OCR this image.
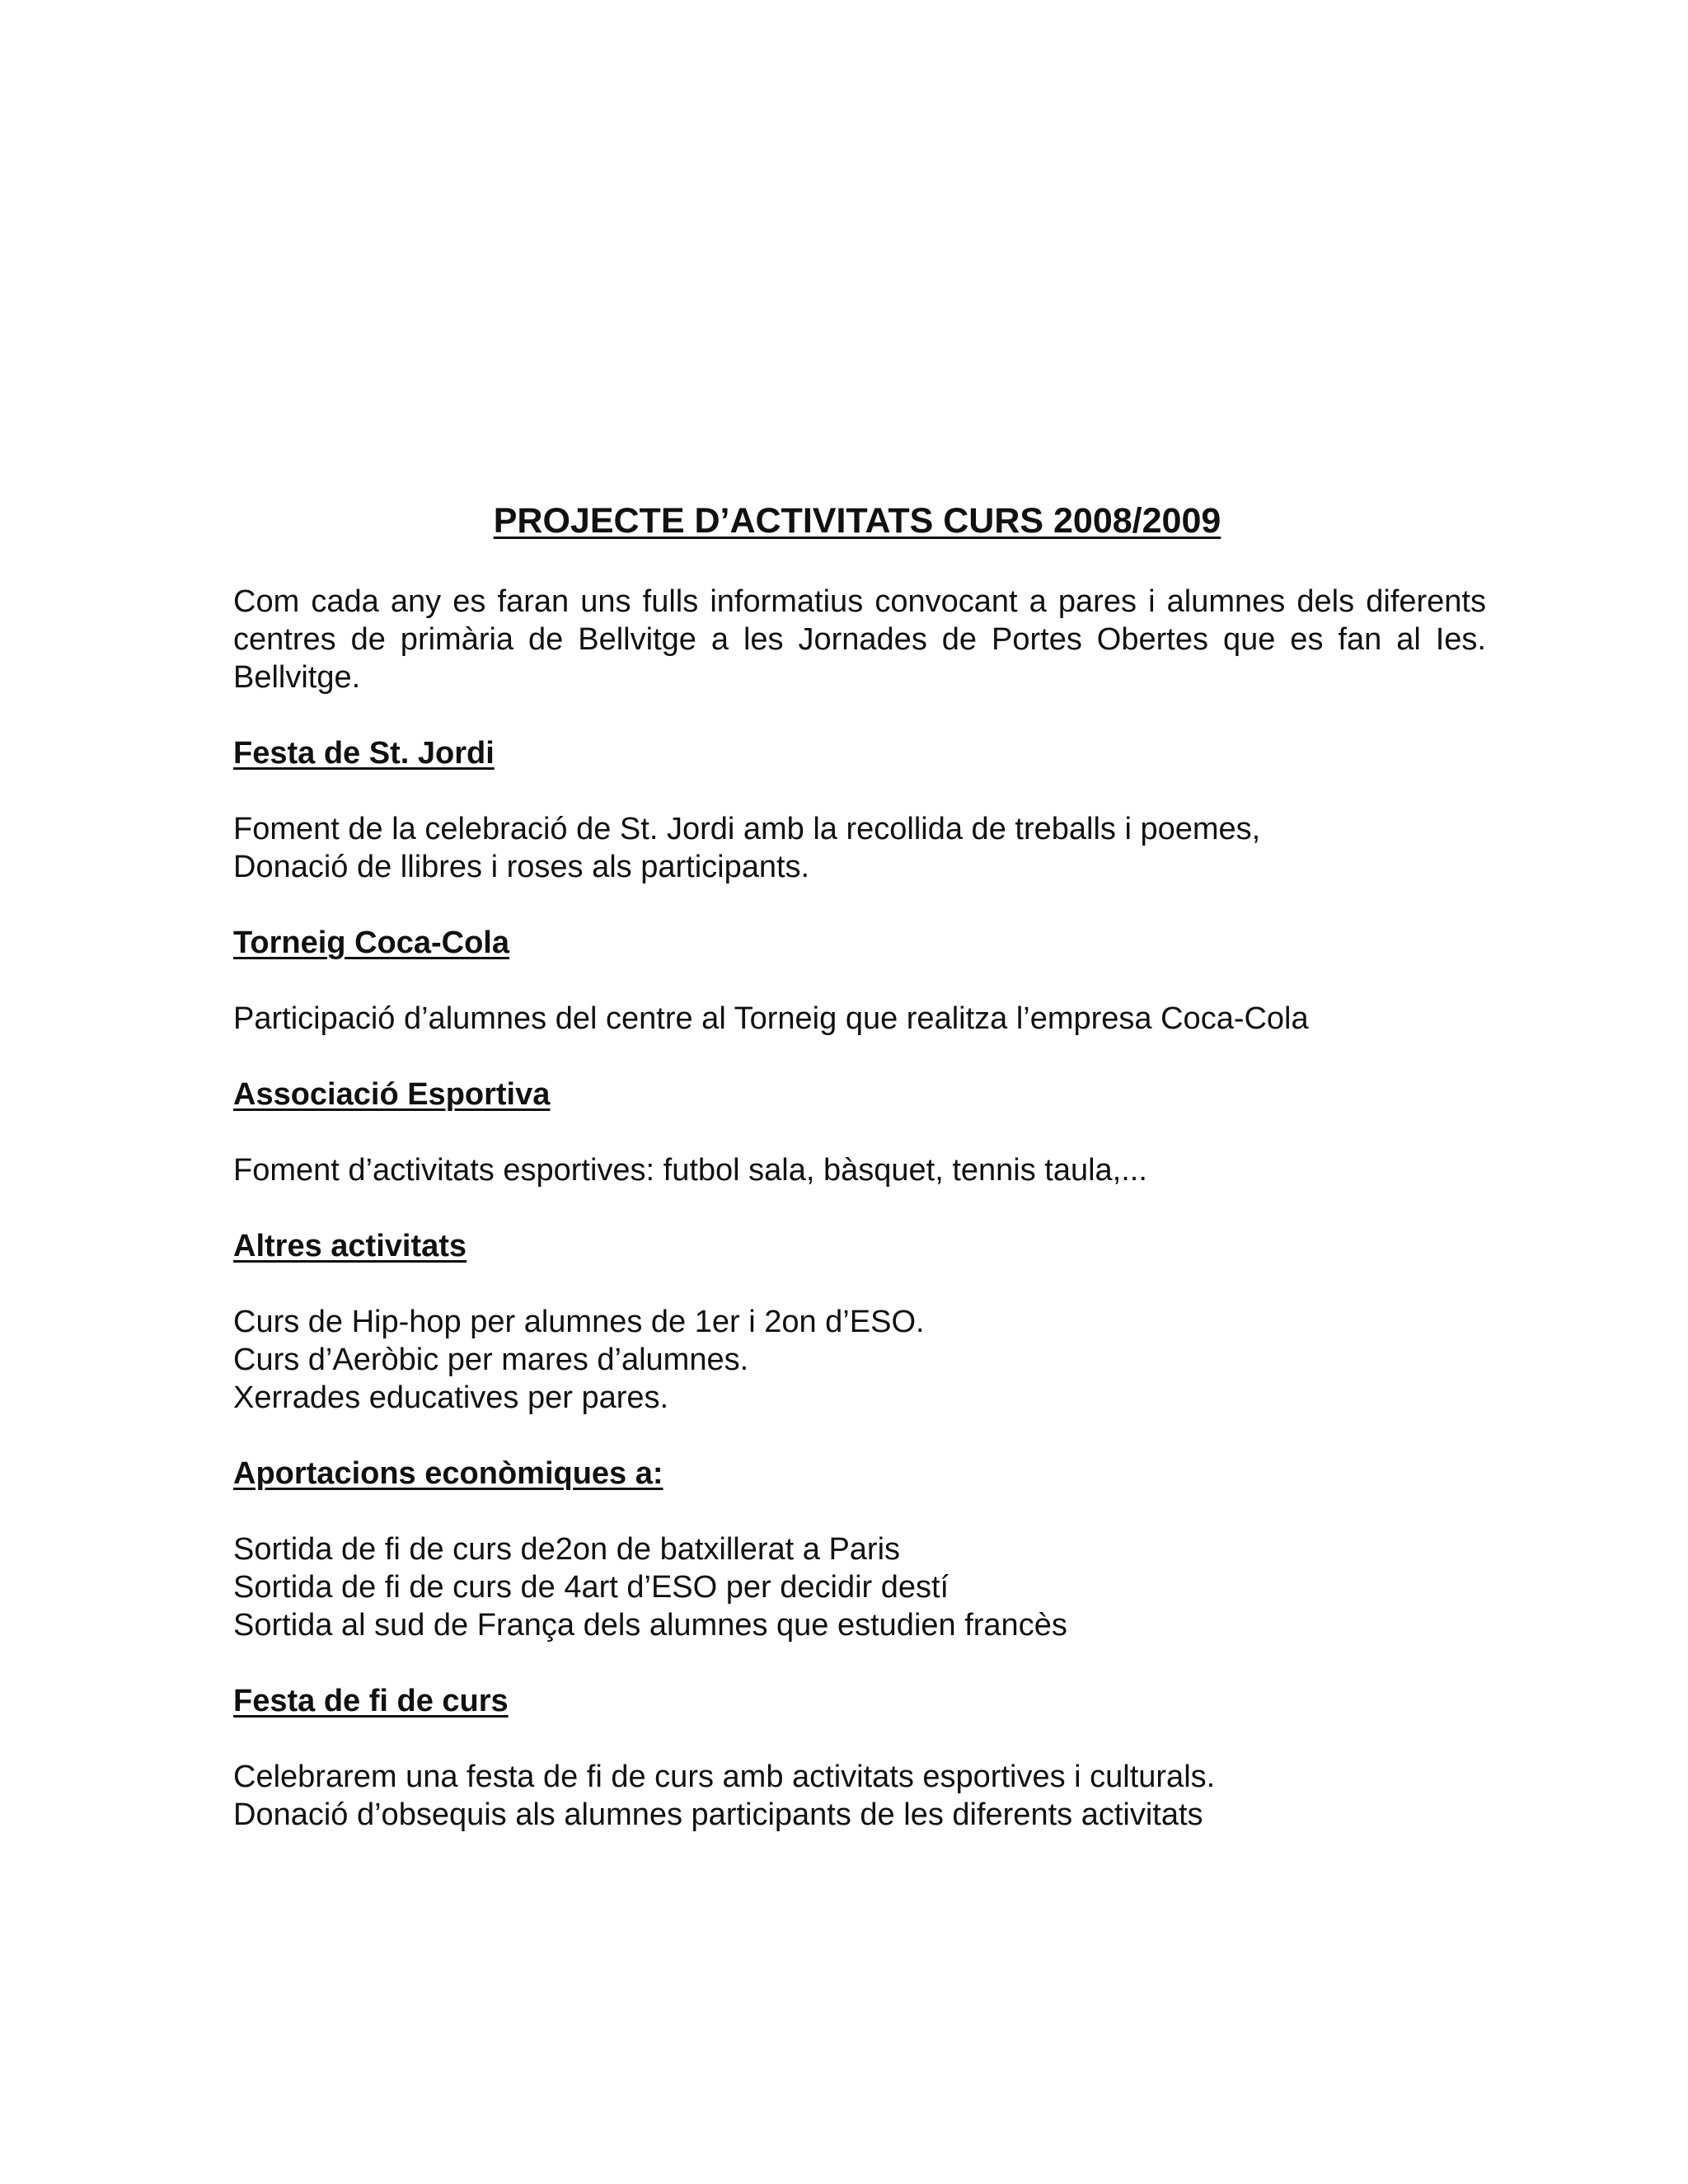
PROJECTE D’ACTIVITATS CURS 2008/2009

Com cada any es faran uns fulls informatius convocant a pares i alumnes dels diferents centres de primària de Bellvitge a les Jornades de Portes Obertes que es fan al Ies. Bellvitge.

Festa de St. Jordi

Foment de la celebració de St. Jordi amb la recollida de treballs i poemes,
Donació de llibres i roses als participants.

Torneig Coca-Cola

Participació d’alumnes del centre al Torneig que realitza l’empresa Coca-Cola

Associació Esportiva

Foment d’activitats esportives: futbol sala, bàsquet, tennis taula,...

Altres activitats

Curs de Hip-hop per alumnes de 1er i 2on d’ESO.
Curs d’Aeròbic per mares d’alumnes.
Xerrades educatives per pares.

Aportacions econòmiques a:

Sortida de fi de curs de2on de batxillerat a Paris
Sortida de fi de curs de 4art d’ESO per decidir destí
Sortida al sud de França dels alumnes que estudien francès

Festa de fi de curs

Celebrarem una festa de fi de curs amb activitats esportives i culturals.
Donació d’obsequis als alumnes participants de les diferents activitats
